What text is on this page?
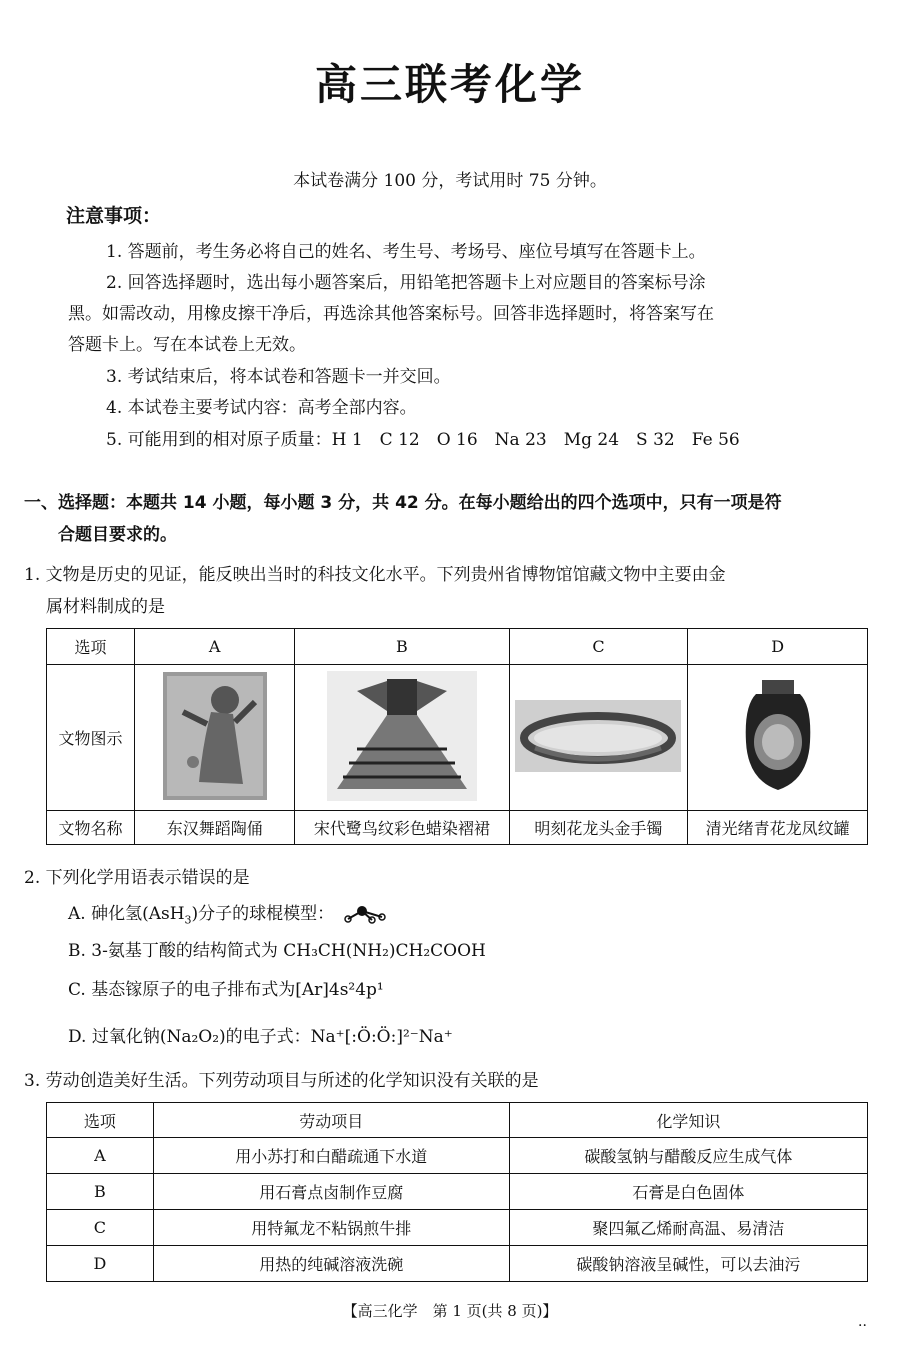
高三联考化学
本试卷满分 100 分，考试用时 75 分钟。
注意事项：
1. 答题前，考生务必将自己的姓名、考生号、考场号、座位号填写在答题卡上。
2. 回答选择题时，选出每小题答案后，用铅笔把答题卡上对应题目的答案标号涂
黑。如需改动，用橡皮擦干净后，再选涂其他答案标号。回答非选择题时，将答案写在
答题卡上。写在本试卷上无效。
3. 考试结束后，将本试卷和答题卡一并交回。
4. 本试卷主要考试内容：高考全部内容。
5. 可能用到的相对原子质量：H 1　C 12　O 16　Na 23　Mg 24　S 32　Fe 56
一、选择题：本题共 14 小题，每小题 3 分，共 42 分。在每小题给出的四个选项中，只有一项是符
合题目要求的。
1. 文物是历史的见证，能反映出当时的科技文化水平。下列贵州省博物馆馆藏文物中主要由金
属材料制成的是
选项	A	B	C	D
文物图示				
文物名称	东汉舞蹈陶俑	宋代鹭鸟纹彩色蜡染褶裙	明刻花龙头金手镯	清光绪青花龙凤纹罐
2. 下列化学用语表示错误的是
A. 砷化氢(AsH$_3$)分子的球棍模型：
B. 3-氨基丁酸的结构简式为 CH₃CH(NH₂)CH₂COOH
C. 基态镓原子的电子排布式为[Ar]4s²4p¹
D. 过氧化钠(Na₂O₂)的电子式：Na⁺[:Ö:Ö:]²⁻Na⁺
3. 劳动创造美好生活。下列劳动项目与所述的化学知识没有关联的是
选项	劳动项目	化学知识
A	用小苏打和白醋疏通下水道	碳酸氢钠与醋酸反应生成气体
B	用石膏点卤制作豆腐	石膏是白色固体
C	用特氟龙不粘锅煎牛排	聚四氟乙烯耐高温、易清洁
D	用热的纯碱溶液洗碗	碳酸钠溶液呈碱性，可以去油污
【高三化学　第 1 页(共 8 页)】
··
